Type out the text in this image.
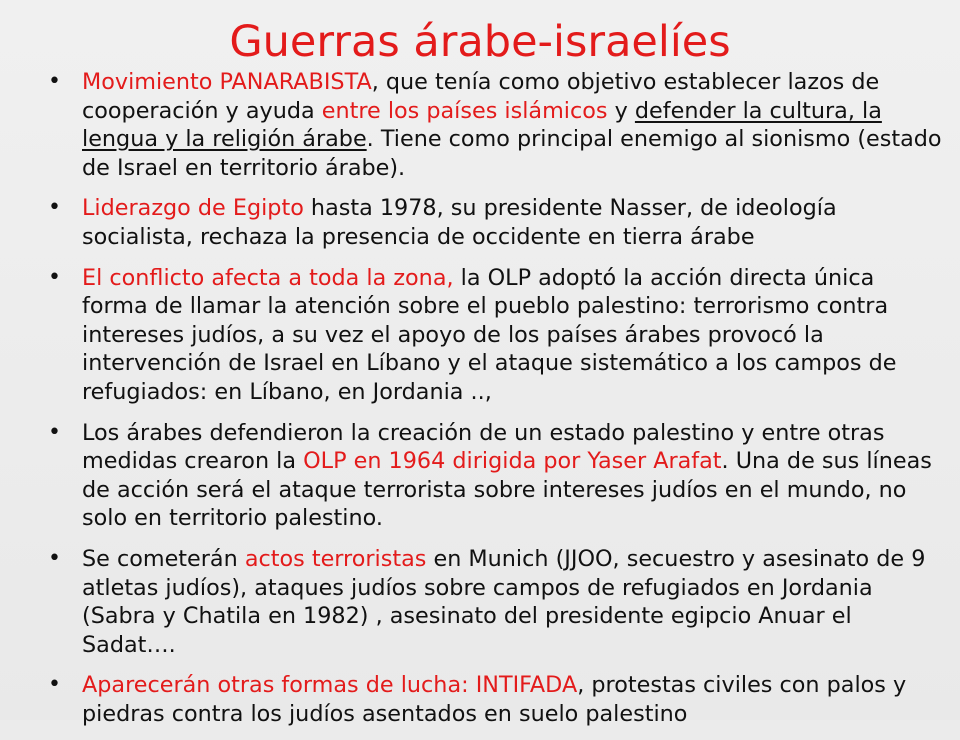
Guerras árabe-israelíes
• Movimiento PANARABISTA, que tenía como objetivo establecer lazos de cooperación y ayuda entre los países islámicos y defender la cultura, la lengua y la religión árabe. Tiene como principal enemigo al sionismo (estado de Israel en territorio árabe).
• Liderazgo de Egipto hasta 1978, su presidente Nasser, de ideología socialista, rechaza la presencia de occidente en tierra árabe
• El conflicto afecta a toda la zona, la OLP adoptó la acción directa única forma de llamar la atención sobre el pueblo palestino: terrorismo contra intereses judíos, a su vez el apoyo de los países árabes provocó la intervención de Israel en Líbano y el ataque sistemático a los campos de refugiados: en Líbano, en Jordania ..,
• Los árabes defendieron la creación de un estado palestino y entre otras medidas crearon la OLP en 1964 dirigida por Yaser Arafat. Una de sus líneas de acción será el ataque terrorista sobre intereses judíos en el mundo, no solo en territorio palestino.
• Se cometerán actos terroristas en Munich (JJOO, secuestro y asesinato de 9 atletas judíos), ataques judíos sobre campos de refugiados en Jordania (Sabra y Chatila en 1982) , asesinato del presidente egipcio Anuar el Sadat….
• Aparecerán otras formas de lucha: INTIFADA, protestas civiles con palos y piedras contra los judíos asentados en suelo palestino
